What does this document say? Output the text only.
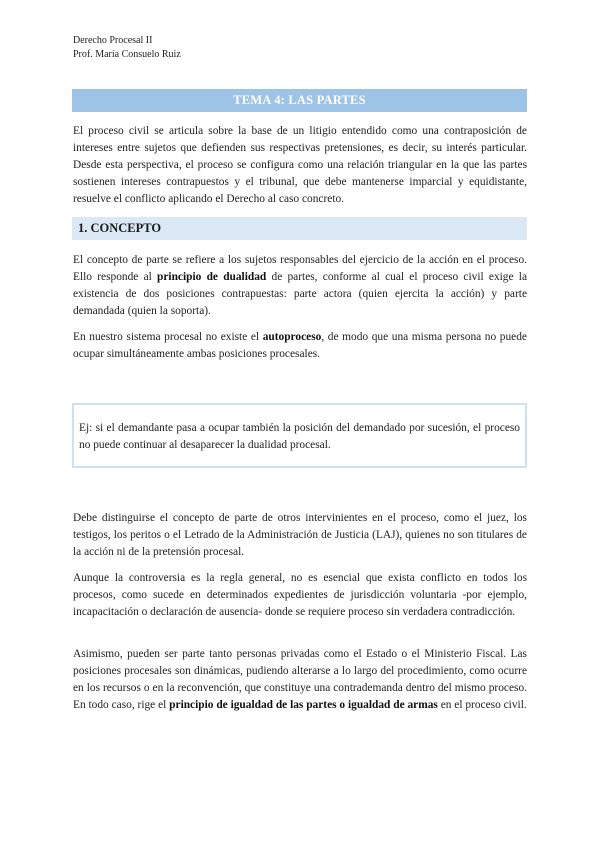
Derecho Procesal II
Prof. María Consuelo Ruiz
TEMA 4: LAS PARTES
El proceso civil se articula sobre la base de un litigio entendido como una contraposición de intereses entre sujetos que defienden sus respectivas pretensiones, es decir, su interés particular. Desde esta perspectiva, el proceso se configura como una relación triangular en la que las partes sostienen intereses contrapuestos y el tribunal, que debe mantenerse imparcial y equidistante, resuelve el conflicto aplicando el Derecho al caso concreto.
1. CONCEPTO
El concepto de parte se refiere a los sujetos responsables del ejercicio de la acción en el proceso. Ello responde al principio de dualidad de partes, conforme al cual el proceso civil exige la existencia de dos posiciones contrapuestas: parte actora (quien ejercita la acción) y parte demandada (quien la soporta).
En nuestro sistema procesal no existe el autoproceso, de modo que una misma persona no puede ocupar simultáneamente ambas posiciones procesales.
Ej: si el demandante pasa a ocupar también la posición del demandado por sucesión, el proceso no puede continuar al desaparecer la dualidad procesal.
Debe distinguirse el concepto de parte de otros intervinientes en el proceso, como el juez, los testigos, los peritos o el Letrado de la Administración de Justicia (LAJ), quienes no son titulares de la acción ni de la pretensión procesal.
Aunque la controversia es la regla general, no es esencial que exista conflicto en todos los procesos, como sucede en determinados expedientes de jurisdicción voluntaria -por ejemplo, incapacitación o declaración de ausencia- donde se requiere proceso sin verdadera contradicción.
Asimismo, pueden ser parte tanto personas privadas como el Estado o el Ministerio Fiscal. Las posiciones procesales son dinámicas, pudiendo alterarse a lo largo del procedimiento, como ocurre en los recursos o en la reconvención, que constituye una contrademanda dentro del mismo proceso. En todo caso, rige el principio de igualdad de las partes o igualdad de armas en el proceso civil.
